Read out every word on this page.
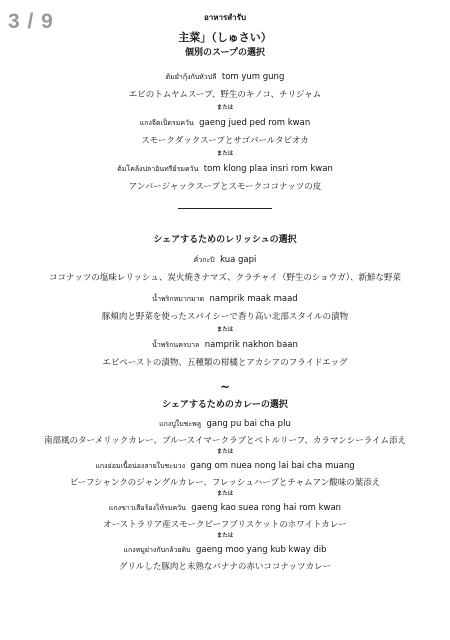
3 / 9	อาหารสำรับ
主菜」（しゅさい）
個別のスープの選択
ต้มยำกุ้งกับหัวปลี tom yum gung
エビのトムヤムスープ、野生のキノコ、チリジャム
または
แกงจืดเป็ดรมควัน gaeng jued ped rom kwan
スモークダックスープとサゴパールタピオカ
または
ต้มโคล้งปลาอินทรีย์รมควัน tom klong plaa insri rom kwan
アンバージャックスープとスモークココナッツの皮
シェアするためのレリッシュの選択
คั่วกะปิ kua gapi
ココナッツの塩味レリッシュ、炭火焼きナマズ、クラチャイ（野生のショウガ）、新鮮な野菜
น้ำพริกหมากมาด namprik maak maad
豚頬肉と野菜を使ったスパイシーで香り高い北部スタイルの漬物
または
น้ำพริกนครบาล namprik nakhon baan
エビペーストの漬物、五種類の柑橘とアカシアのフライドエッグ
~
シェアするためのカレーの選択
แกงปูใบชะพลู gang pu bai cha plu
南部風のターメリックカレー、ブルースイマークラブとベトルリーフ、カラマンシーライム添え
または
แกงอ่อมเนื้อน่องลายใบชะมวง gang om nuea nong lai bai cha muang
ビーフシャンクのジャングルカレー、フレッシュハーブとチャムアン酸味の葉添え
または
แกงขาวเสือร้องไห้รมควัน gaeng kao suea rong hai rom kwan
オーストラリア産スモークビーフブリスケットのホワイトカレー
または
แกงหมูย่างกับกล้วยดิบ gaeng moo yang kub kway dib
グリルした豚肉と未熟なバナナの赤いココナッツカレー
